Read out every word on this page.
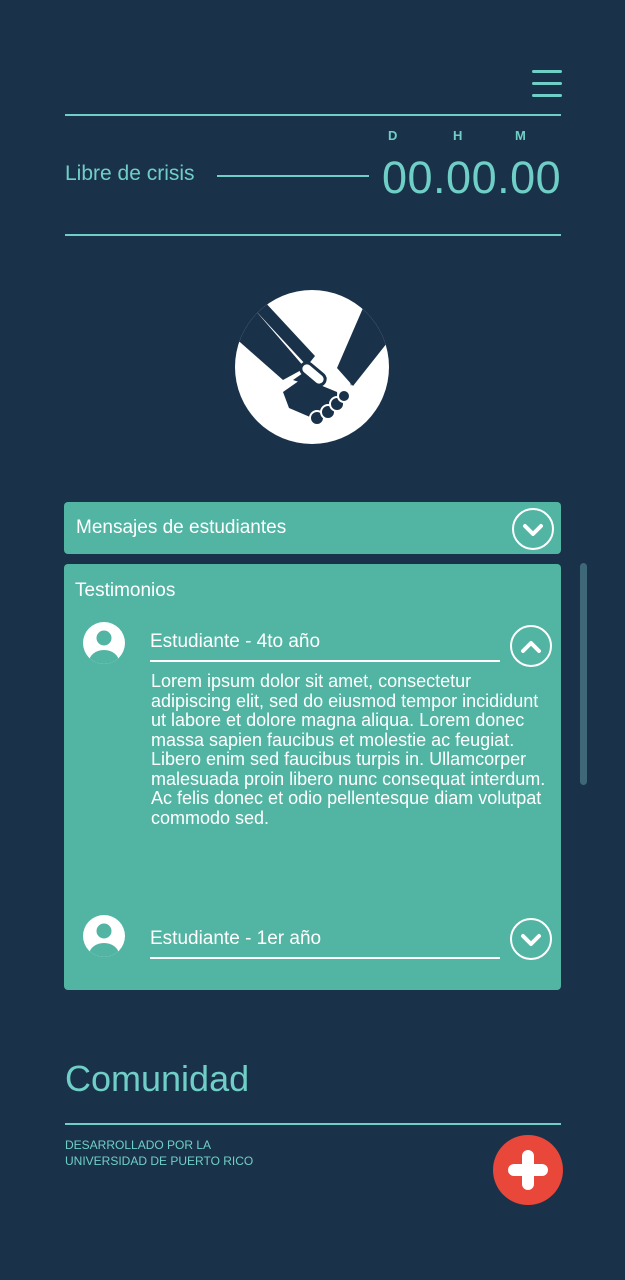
Libre de crisis
D	H	M
00.00.00
Mensajes de estudiantes
Testimonios
Estudiante - 4to año
Lorem ipsum dolor sit amet, consectetur adipiscing elit, sed do eiusmod tempor incididunt ut labore et dolore magna aliqua. Lorem donec massa sapien faucibus et molestie ac feugiat. Libero enim sed faucibus turpis in. Ullamcorper malesuada proin libero nunc consequat interdum. Ac felis donec et odio pellentesque diam volutpat commodo sed.
Estudiante - 1er año
Comunidad
DESARROLLADO POR LA
UNIVERSIDAD DE PUERTO RICO
